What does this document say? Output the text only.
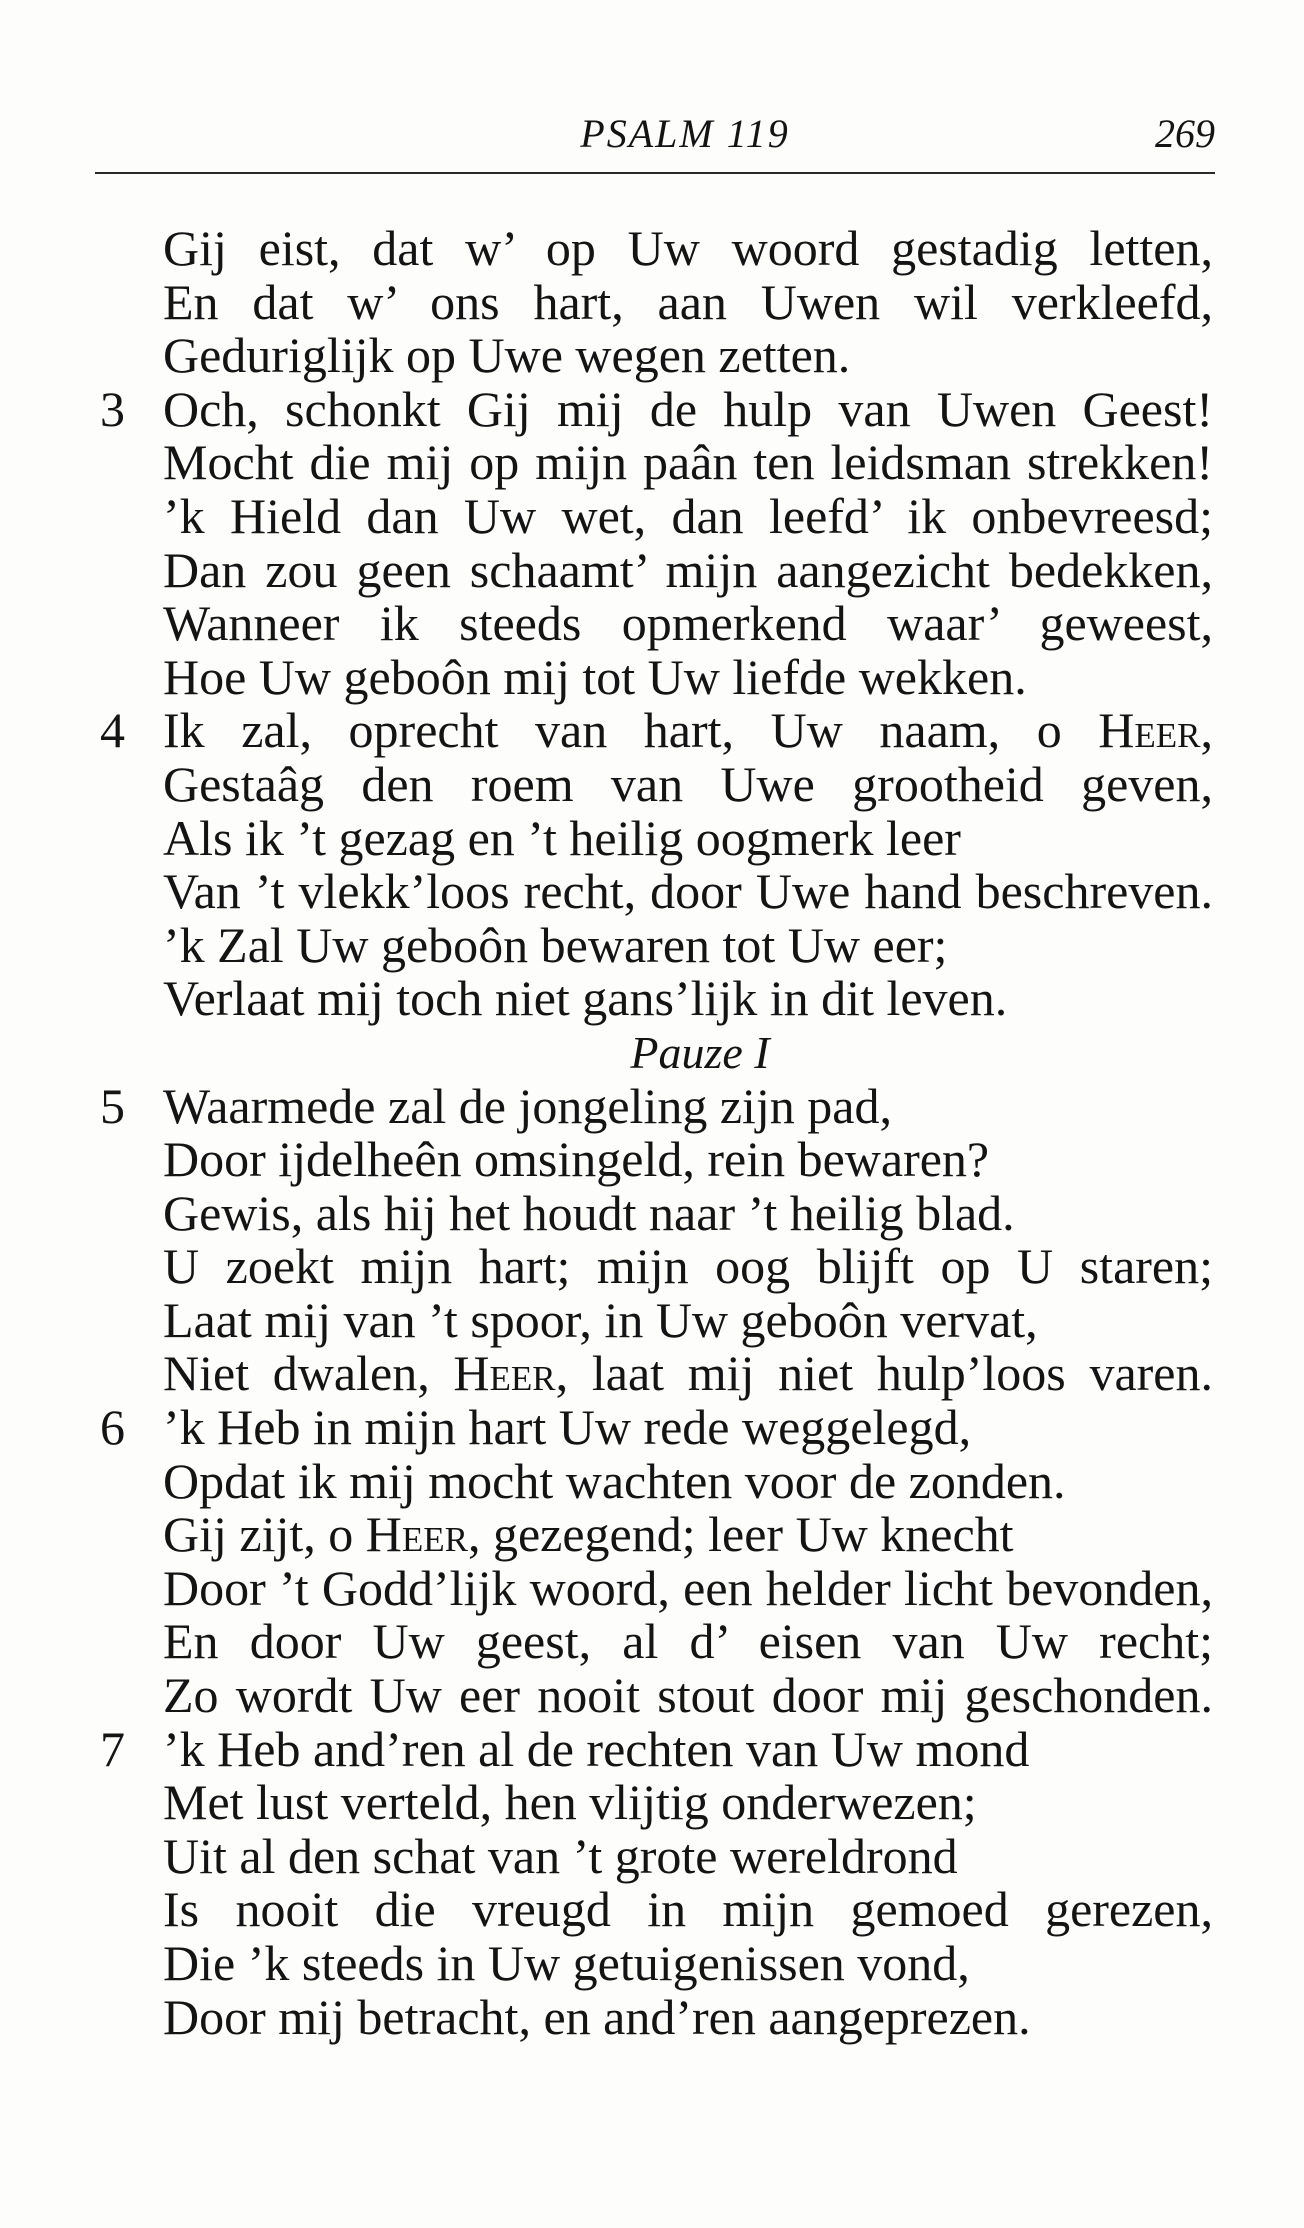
PSALM 119	269
Gij eist, dat w’ op Uw woord gestadig letten,
En dat w’ ons hart, aan Uwen wil verkleefd,
Geduriglijk op Uwe wegen zetten.
3 Och, schonkt Gij mij de hulp van Uwen Geest!
Mocht die mij op mijn paân ten leidsman strekken!
’k Hield dan Uw wet, dan leefd’ ik onbevreesd;
Dan zou geen schaamt’ mijn aangezicht bedekken,
Wanneer ik steeds opmerkend waar’ geweest,
Hoe Uw geboôn mij tot Uw liefde wekken.
4 Ik zal, oprecht van hart, Uw naam, o Heer,
Gestaâg den roem van Uwe grootheid geven,
Als ik ’t gezag en ’t heilig oogmerk leer
Van ’t vlekk’loos recht, door Uwe hand beschreven.
’k Zal Uw geboôn bewaren tot Uw eer;
Verlaat mij toch niet gans’lijk in dit leven.
Pauze I
5 Waarmede zal de jongeling zijn pad,
Door ijdelheên omsingeld, rein bewaren?
Gewis, als hij het houdt naar ’t heilig blad.
U zoekt mijn hart; mijn oog blijft op U staren;
Laat mij van ’t spoor, in Uw geboôn vervat,
Niet dwalen, Heer, laat mij niet hulp’loos varen.
6 ’k Heb in mijn hart Uw rede weggelegd,
Opdat ik mij mocht wachten voor de zonden.
Gij zijt, o Heer, gezegend; leer Uw knecht
Door ’t Godd’lijk woord, een helder licht bevonden,
En door Uw geest, al d’ eisen van Uw recht;
Zo wordt Uw eer nooit stout door mij geschonden.
7 ’k Heb and’ren al de rechten van Uw mond
Met lust verteld, hen vlijtig onderwezen;
Uit al den schat van ’t grote wereldrond
Is nooit die vreugd in mijn gemoed gerezen,
Die ’k steeds in Uw getuigenissen vond,
Door mij betracht, en and’ren aangeprezen.
